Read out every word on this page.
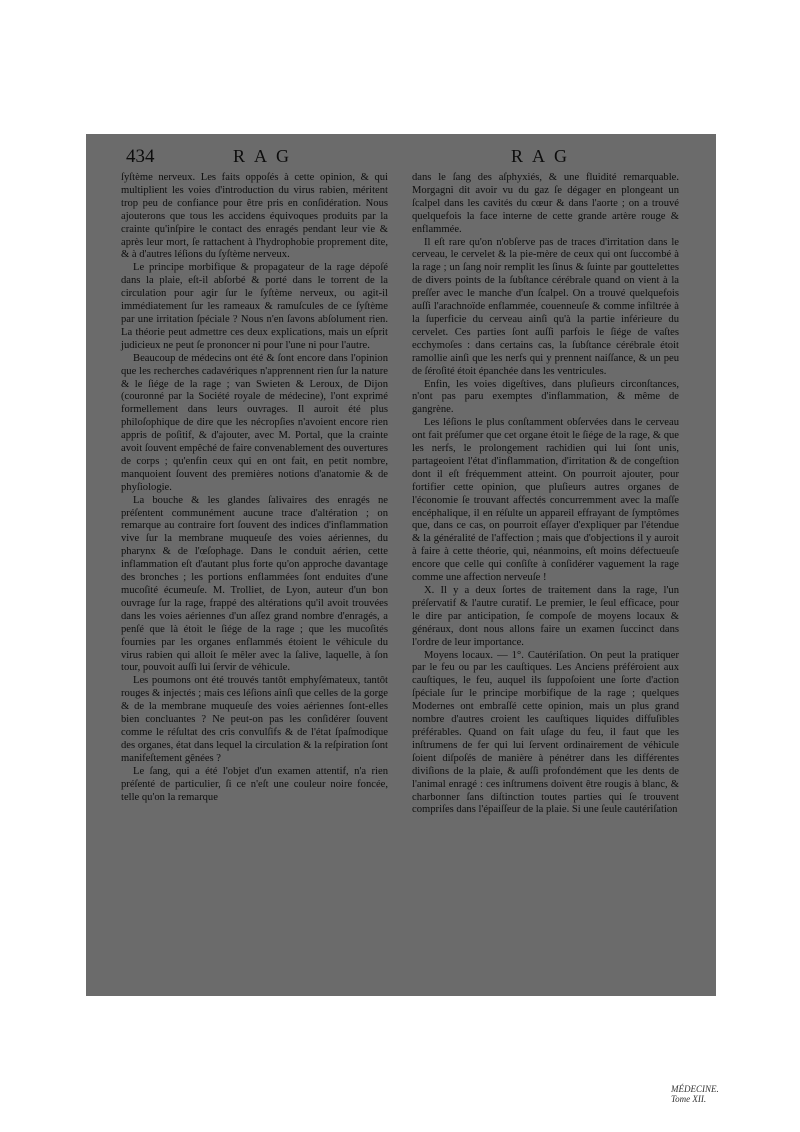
434	RAG	RAG

ſyſtème nerveux. Les faits oppoſés à cette opinion, & qui multiplient les voies d'introduction du virus rabien, méritent trop peu de confiance pour être pris en conſidération. Nous ajouterons que tous les accidens équivoques produits par la crainte qu'inſpire le contact des enragés pendant leur vie & après leur mort, ſe rattachent à l'hydrophobie proprement dite, & à d'autres léſions du ſyſtème nerveux.

Le principe morbifique & propagateur de la rage dépoſé dans la plaie, eſt-il abſorbé & porté dans le torrent de la circulation pour agir ſur le ſyſtème nerveux, ou agit-il immédiatement ſur les rameaux & ramuſcules de ce ſyſtème par une irritation ſpéciale ? Nous n'en ſavons abſolument rien. La théorie peut admettre ces deux explications, mais un eſprit judicieux ne peut ſe prononcer ni pour l'une ni pour l'autre.

Beaucoup de médecins ont été & ſont encore dans l'opinion que les recherches cadavériques n'apprennent rien ſur la nature & le ſiége de la rage ; van Swieten & Leroux, de Dijon (couronné par la Société royale de médecine), l'ont exprimé formellement dans leurs ouvrages. Il auroit été plus philoſophique de dire que les nécropſies n'avoient encore rien appris de poſitif, & d'ajouter, avec M. Portal, que la crainte avoit ſouvent empêché de faire convenablement des ouvertures de corps ; qu'enfin ceux qui en ont fait, en petit nombre, manquoient ſouvent des premières notions d'anatomie & de phyſiologie.

La bouche & les glandes ſalivaires des enragés ne préſentent communément aucune trace d'altération ; on remarque au contraire fort ſouvent des indices d'inflammation vive ſur la membrane muqueuſe des voies aériennes, du pharynx & de l'œſophage. Dans le conduit aérien, cette inflammation eſt d'autant plus forte qu'on approche davantage des bronches ; les portions enflammées ſont enduites d'une mucoſité écumeuſe. M. Trolliet, de Lyon, auteur d'un bon ouvrage ſur la rage, frappé des altérations qu'il avoit trouvées dans les voies aériennes d'un aſſez grand nombre d'enragés, a penſé que là étoit le ſiége de la rage ; que les mucoſités fournies par les organes enflammés étoient le véhicule du virus rabien qui alloit ſe mêler avec la ſalive, laquelle, à ſon tour, pouvoit auſſi lui ſervir de véhicule.

Les poumons ont été trouvés tantôt emphyſémateux, tantôt rouges & injectés ; mais ces léſions ainſi que celles de la gorge & de la membrane muqueuſe des voies aériennes ſont-elles bien concluantes ? Ne peut-on pas les conſidérer ſouvent comme le réſultat des cris convulſifs & de l'état ſpaſmodique des organes, état dans lequel la circulation & la reſpiration ſont manifeſtement gênées ?

Le ſang, qui a été l'objet d'un examen attentif, n'a rien préſenté de particulier, ſi ce n'eſt une couleur noire foncée, telle qu'on la remarque

dans le ſang des aſphyxiés, & une fluidité remarquable. Morgagni dit avoir vu du gaz ſe dégager en plongeant un ſcalpel dans les cavités du cœur & dans l'aorte ; on a trouvé quelquefois la face interne de cette grande artère rouge & enflammée.

Il eſt rare qu'on n'obſerve pas de traces d'irritation dans le cerveau, le cervelet & la pie-mère de ceux qui ont ſuccombé à la rage ; un ſang noir remplit les ſinus & ſuinte par gouttelettes de divers points de la ſubſtance cérébrale quand on vient à la preſſer avec le manche d'un ſcalpel. On a trouvé quelquefois auſſi l'arachnoïde enflammée, couenneuſe & comme infiltrée à la ſuperficie du cerveau ainſi qu'à la partie inférieure du cervelet. Ces parties ſont auſſi parfois le ſiége de vaſtes ecchymoſes : dans certains cas, la ſubſtance cérébrale étoit ramollie ainſi que les nerfs qui y prennent naiſſance, & un peu de ſéroſité étoit épanchée dans les ventricules.

Enfin, les voies digeſtives, dans pluſieurs circonſtances, n'ont pas paru exemptes d'inflammation, & même de gangrène.

Les léſions le plus conſtamment obſervées dans le cerveau ont fait préſumer que cet organe étoit le ſiége de la rage, & que les nerfs, le prolongement rachidien qui lui ſont unis, partageoient l'état d'inflammation, d'irritation & de congeſtion dont il eſt fréquemment atteint. On pourroit ajouter, pour fortifier cette opinion, que pluſieurs autres organes de l'économie ſe trouvant affectés concurremment avec la maſſe encéphalique, il en réſulte un appareil effrayant de ſymptômes que, dans ce cas, on pourroit eſſayer d'expliquer par l'étendue & la généralité de l'affection ; mais que d'objections il y auroit à faire à cette théorie, qui, néanmoins, eſt moins défectueuſe encore que celle qui conſiſte à conſidérer vaguement la rage comme une affection nerveuſe !

X. Il y a deux ſortes de traitement dans la rage, l'un préſervatif & l'autre curatif. Le premier, le ſeul efficace, pour le dire par anticipation, ſe compoſe de moyens locaux & généraux, dont nous allons faire un examen ſuccinct dans l'ordre de leur importance.

Moyens locaux. — 1°. Cautériſation. On peut la pratiquer par le feu ou par les cauſtiques. Les Anciens préféroient aux cauſtiques, le feu, auquel ils ſuppoſoient une ſorte d'action ſpéciale ſur le principe morbifique de la rage ; quelques Modernes ont embraſſé cette opinion, mais un plus grand nombre d'autres croient les cauſtiques liquides diffuſibles préférables. Quand on fait uſage du feu, il faut que les inſtrumens de fer qui lui ſervent ordinairement de véhicule ſoient diſpoſés de manière à pénétrer dans les différentes diviſions de la plaie, & auſſi profondément que les dents de l'animal enragé : ces inſtrumens doivent être rougis à blanc, & charbonner ſans diſtinction toutes parties qui ſe trouvent compriſes dans l'épaiſſeur de la plaie. Si une ſeule cautériſation

MÉDECINE. Tome XII.
